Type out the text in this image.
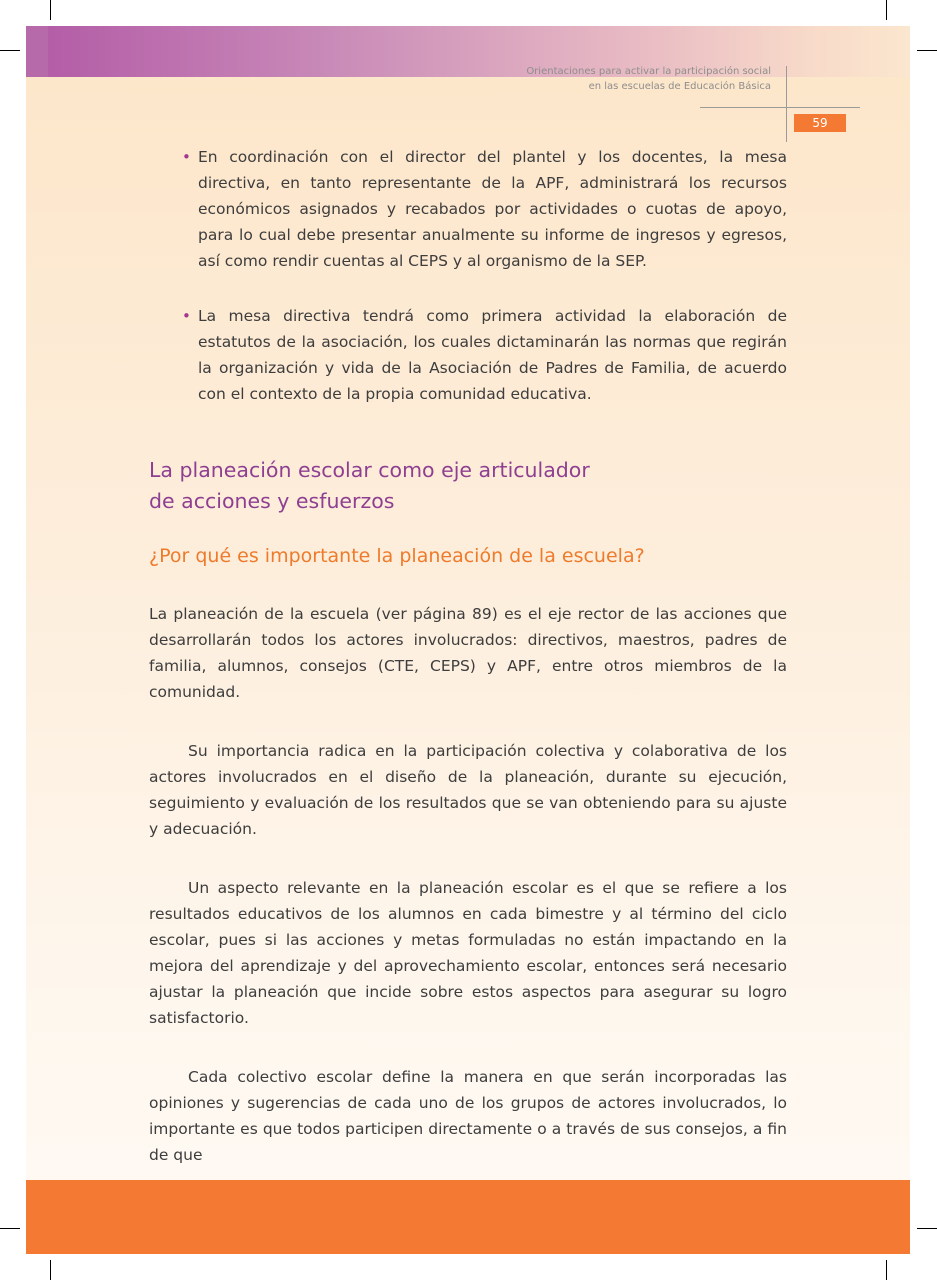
Orientaciones para activar la participación social
en las escuelas de Educación Básica
59
• En coordinación con el director del plantel y los docentes, la mesa directiva, en tanto representante de la APF, administrará los recursos económicos asignados y recabados por actividades o cuotas de apoyo, para lo cual debe presentar anualmente su informe de ingresos y egresos, así como rendir cuentas al CEPS y al organismo de la SEP.
• La mesa directiva tendrá como primera actividad la elaboración de estatutos de la asociación, los cuales dictaminarán las normas que regirán la organización y vida de la Asociación de Padres de Familia, de acuerdo con el contexto de la propia comunidad educativa.
La planeación escolar como eje articulador
de acciones y esfuerzos
¿Por qué es importante la planeación de la escuela?

La planeación de la escuela (ver página 89) es el eje rector de las acciones que desarrollarán todos los actores involucrados: directivos, maestros, padres de familia, alumnos, consejos (CTE, CEPS) y APF, entre otros miembros de la comunidad.

Su importancia radica en la participación colectiva y colaborativa de los actores involucrados en el diseño de la planeación, durante su ejecución, seguimiento y evaluación de los resultados que se van obteniendo para su ajuste y adecuación.

Un aspecto relevante en la planeación escolar es el que se refiere a los resultados educativos de los alumnos en cada bimestre y al término del ciclo escolar, pues si las acciones y metas formuladas no están impactando en la mejora del aprendizaje y del aprovechamiento escolar, entonces será necesario ajustar la planeación que incide sobre estos aspectos para asegurar su logro satisfactorio.

Cada colectivo escolar define la manera en que serán incorporadas las opiniones y sugerencias de cada uno de los grupos de actores involucrados, lo importante es que todos participen directamente o a través de sus consejos, a fin de que
